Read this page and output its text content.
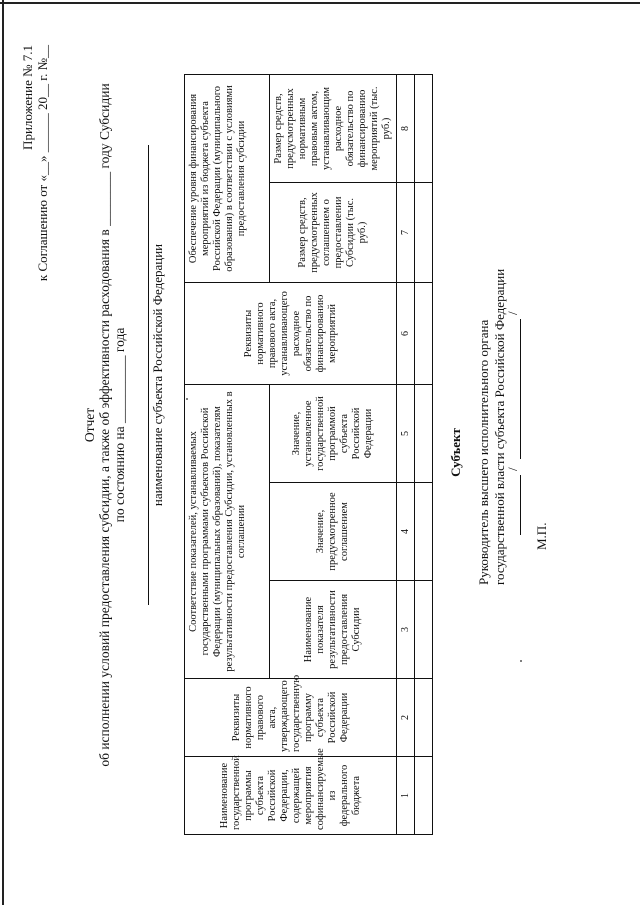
Приложение № 7.1 к Соглашению от «__» ______ 20__ г. №__
Отчет об исполнении условий предоставления субсидии, а также об эффективности расходования в ________ году Субсидии по состоянию на __________ года наименование субъекта Российской Федерации
Наименование государственной программы субъекта Российской Федерации, содержащей мероприятия софинансируемые из федерального бюджета	Реквизиты нормативного правового акта, утверждающего государственную программу субъекта Российской Федерации	Соответствие показателей, устанавливаемых государственными программами субъектов Российской Федерации (муниципальных образований), показателям результативности предоставления Субсидии, установленных в соглашении			Реквизиты нормативного правового акта, устанавливающего расходное обязательство по финансированию мероприятий	Обеспечение уровня финансирования мероприятий из бюджета субъекта Российской Федерации (муниципального образования) в соответствии с условиями предоставления субсидии	
		Наименование показателя результативности предоставления Субсидии	Значение, предусмотренное соглашением	Значение, установленное государственной программой субъекта Российской Федерации		Размер средств, предусмотренных соглашением о предоставлении Субсидии (тыс. руб.)	Размер средств, предусмотренных нормативным правовым актом, устанавливающим расходное обязательство по финансированию мероприятий (тыс. руб.)
1	2	3	4	5	6	7	8

Субъект Руководитель высшего исполнительного органа государственной власти субъекта Российской Федерации
/
/
М.П.
